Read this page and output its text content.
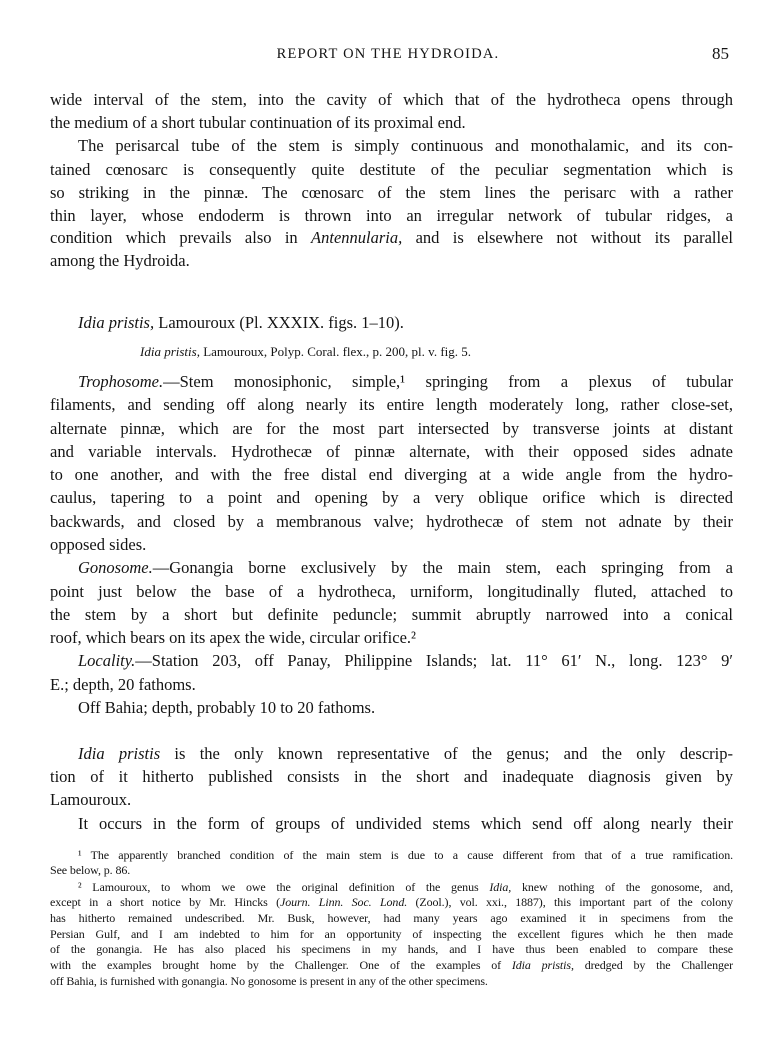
REPORT ON THE HYDROIDA.	85
wide interval of the stem, into the cavity of which that of the hydrotheca opens through
the medium of a short tubular continuation of its proximal end.
The perisarcal tube of the stem is simply continuous and monothalamic, and its con-
tained cœnosarc is consequently quite destitute of the peculiar segmentation which is
so striking in the pinnæ. The cœnosarc of the stem lines the perisarc with a rather
thin layer, whose endoderm is thrown into an irregular network of tubular ridges, a
condition which prevails also in Antennularia, and is elsewhere not without its parallel
among the Hydroida.
Idia pristis, Lamouroux (Pl. XXXIX. figs. 1–10).
Idia pristis, Lamouroux, Polyp. Coral. flex., p. 200, pl. v. fig. 5.
Trophosome.—Stem monosiphonic, simple,¹ springing from a plexus of tubular
filaments, and sending off along nearly its entire length moderately long, rather close-set,
alternate pinnæ, which are for the most part intersected by transverse joints at distant
and variable intervals. Hydrothecæ of pinnæ alternate, with their opposed sides adnate
to one another, and with the free distal end diverging at a wide angle from the hydro-
caulus, tapering to a point and opening by a very oblique orifice which is directed
backwards, and closed by a membranous valve; hydrothecæ of stem not adnate by their
opposed sides.
Gonosome.—Gonangia borne exclusively by the main stem, each springing from a
point just below the base of a hydrotheca, urniform, longitudinally fluted, attached to
the stem by a short but definite peduncle; summit abruptly narrowed into a conical
roof, which bears on its apex the wide, circular orifice.²
Locality.—Station 203, off Panay, Philippine Islands; lat. 11° 61′ N., long. 123° 9′
E.; depth, 20 fathoms.
Off Bahia; depth, probably 10 to 20 fathoms.
Idia pristis is the only known representative of the genus; and the only descrip-
tion of it hitherto published consists in the short and inadequate diagnosis given by
Lamouroux.
It occurs in the form of groups of undivided stems which send off along nearly their
¹ The apparently branched condition of the main stem is due to a cause different from that of a true ramification.
See below, p. 86.
² Lamouroux, to whom we owe the original definition of the genus Idia, knew nothing of the gonosome, and,
except in a short notice by Mr. Hincks (Journ. Linn. Soc. Lond. (Zool.), vol. xxi., 1887), this important part of the colony
has hitherto remained undescribed. Mr. Busk, however, had many years ago examined it in specimens from the
Persian Gulf, and I am indebted to him for an opportunity of inspecting the excellent figures which he then made
of the gonangia. He has also placed his specimens in my hands, and I have thus been enabled to compare these
with the examples brought home by the Challenger. One of the examples of Idia pristis, dredged by the Challenger
off Bahia, is furnished with gonangia. No gonosome is present in any of the other specimens.
